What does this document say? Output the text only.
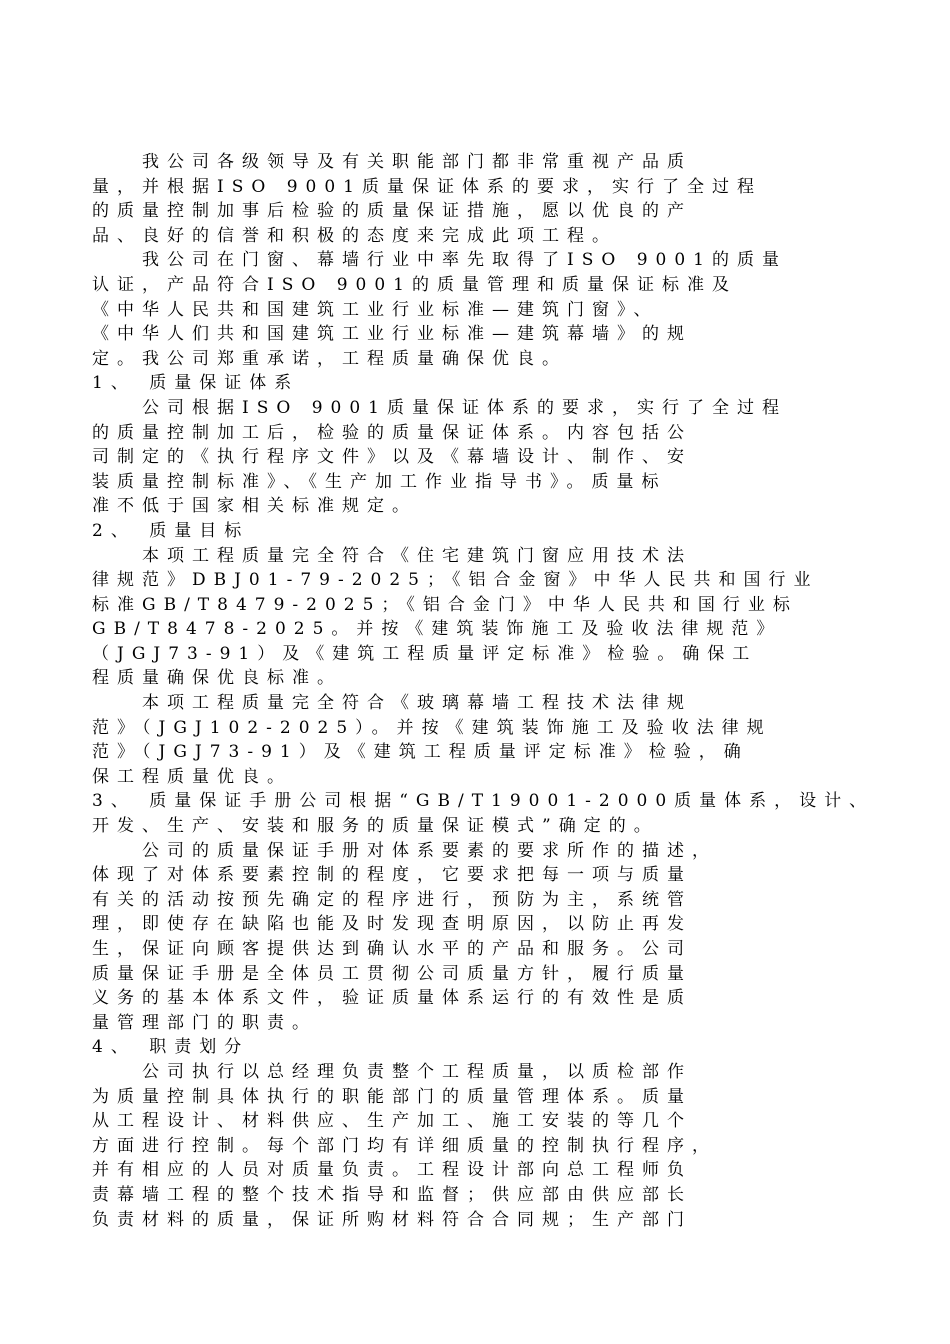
　　我公司各级领导及有关职能部门都非常重视产品质
量，并根据ISO 9001质量保证体系的要求，实行了全过程
的质量控制加事后检验的质量保证措施，愿以优良的产
品、良好的信誉和积极的态度来完成此项工程。
　　我公司在门窗、幕墙行业中率先取得了ISO 9001的质量
认证，产品符合ISO 9001的质量管理和质量保证标准及
《中华人民共和国建筑工业行业标准—建筑门窗》、
《中华人们共和国建筑工业行业标准—建筑幕墙》的规
定。我公司郑重承诺，工程质量确保优良。
1、 质量保证体系
　　公司根据ISO 9001质量保证体系的要求，实行了全过程
的质量控制加工后，检验的质量保证体系。内容包括公
司制定的《执行程序文件》以及《幕墙设计、制作、安
装质量控制标准》、《生产加工作业指导书》。质量标
准不低于国家相关标准规定。
2、 质量目标
　　本项工程质量完全符合《住宅建筑门窗应用技术法
律规范》DBJ01-79-2025；《铝合金窗》中华人民共和国行业
标准GB/T8479-2025；《铝合金门》中华人民共和国行业标
GB/T8478-2025。并按《建筑装饰施工及验收法律规范》
（JGJ73-91）及《建筑工程质量评定标准》检验。确保工
程质量确保优良标准。
　　本项工程质量完全符合《玻璃幕墙工程技术法律规
范》（JGJ102-2025）。并按《建筑装饰施工及验收法律规
范》（JGJ73-91）及《建筑工程质量评定标准》检验，确
保工程质量优良。
3、 质量保证手册公司根据“GB/T19001-2000质量体系，设计、
开发、生产、安装和服务的质量保证模式”确定的。
　　公司的质量保证手册对体系要素的要求所作的描述，
体现了对体系要素控制的程度，它要求把每一项与质量
有关的活动按预先确定的程序进行，预防为主，系统管
理，即使存在缺陷也能及时发现查明原因，以防止再发
生，保证向顾客提供达到确认水平的产品和服务。公司
质量保证手册是全体员工贯彻公司质量方针，履行质量
义务的基本体系文件，验证质量体系运行的有效性是质
量管理部门的职责。
4、 职责划分
　　公司执行以总经理负责整个工程质量，以质检部作
为质量控制具体执行的职能部门的质量管理体系。质量
从工程设计、材料供应、生产加工、施工安装的等几个
方面进行控制。每个部门均有详细质量的控制执行程序，
并有相应的人员对质量负责。工程设计部向总工程师负
责幕墙工程的整个技术指导和监督；供应部由供应部长
负责材料的质量，保证所购材料符合合同规；生产部门
